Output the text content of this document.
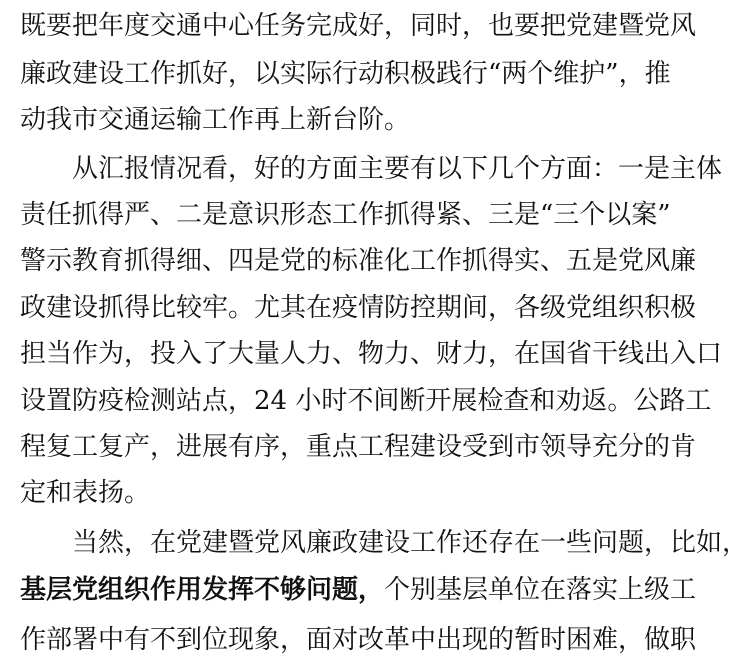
既要把年度交通中心任务完成好，同时，也要把党建暨党风
廉政建设工作抓好，以实际行动积极践行“两个维护”，推
动我市交通运输工作再上新台阶。
从汇报情况看，好的方面主要有以下几个方面：一是主体
责任抓得严、二是意识形态工作抓得紧、三是“三个以案”
警示教育抓得细、四是党的标准化工作抓得实、五是党风廉
政建设抓得比较牢。尤其在疫情防控期间，各级党组织积极
担当作为，投入了大量人力、物力、财力，在国省干线出入口
设置防疫检测站点，24 小时不间断开展检查和劝返。公路工
程复工复产，进展有序，重点工程建设受到市领导充分的肯
定和表扬。
当然，在党建暨党风廉政建设工作还存在一些问题，比如，
基层党组织作用发挥不够问题，个别基层单位在落实上级工
作部署中有不到位现象，面对改革中出现的暂时困难，做职
